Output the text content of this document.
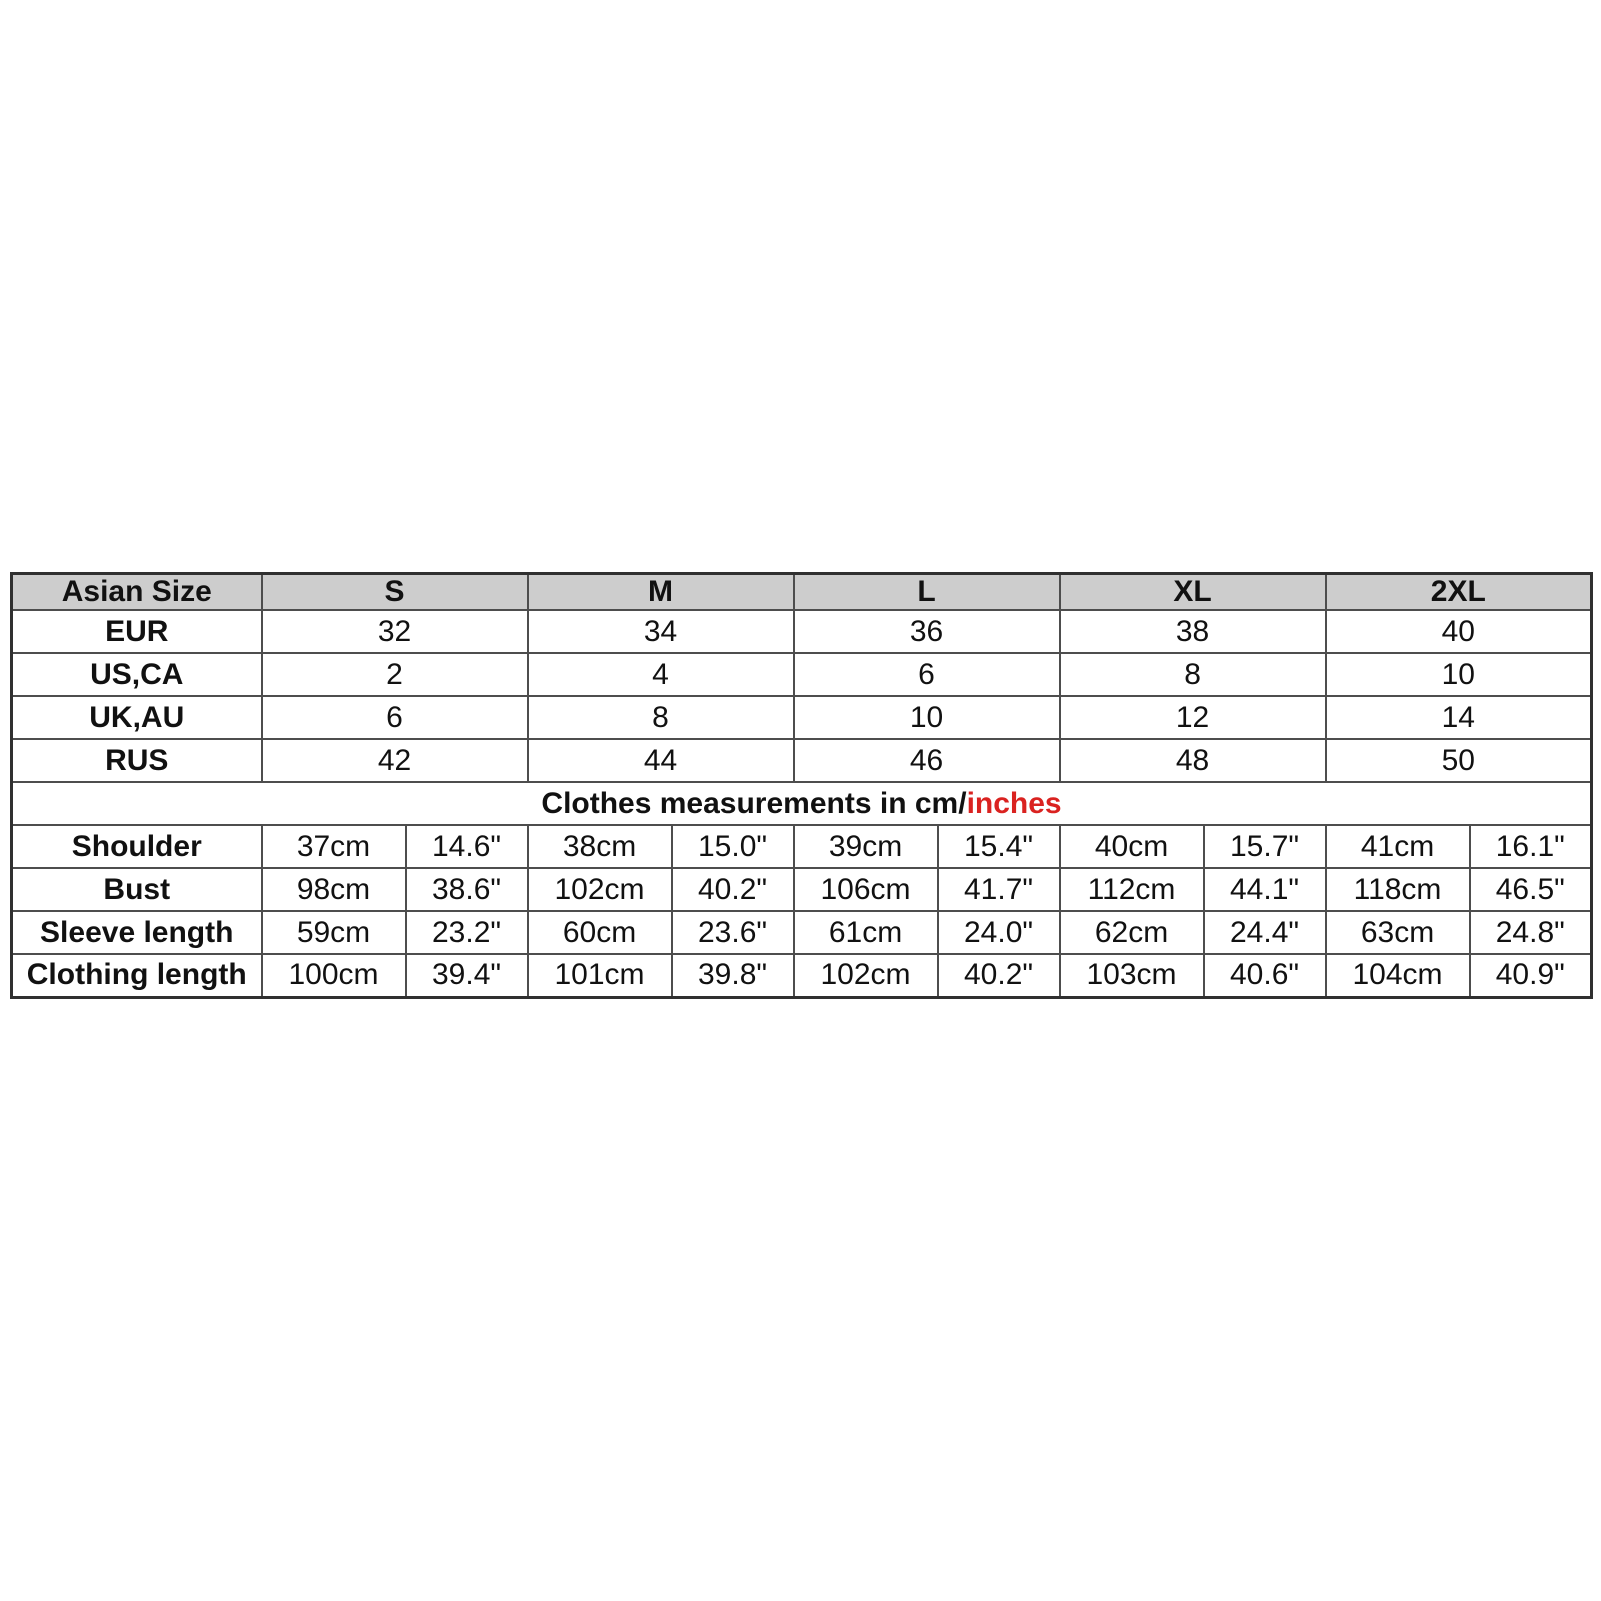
Asian Size	S		M		L		XL		2XL	
EUR	32		34		36		38		40	
US,CA	2		4		6		8		10	
UK,AU	6		8		10		12		14	
RUS	42		44		46		48		50	
Clothes measurements in cm/inches										
Shoulder	37cm	14.6"	38cm	15.0"	39cm	15.4"	40cm	15.7"	41cm	16.1"
Bust	98cm	38.6"	102cm	40.2"	106cm	41.7"	112cm	44.1"	118cm	46.5"
Sleeve length	59cm	23.2"	60cm	23.6"	61cm	24.0"	62cm	24.4"	63cm	24.8"
Clothing length	100cm	39.4"	101cm	39.8"	102cm	40.2"	103cm	40.6"	104cm	40.9"
